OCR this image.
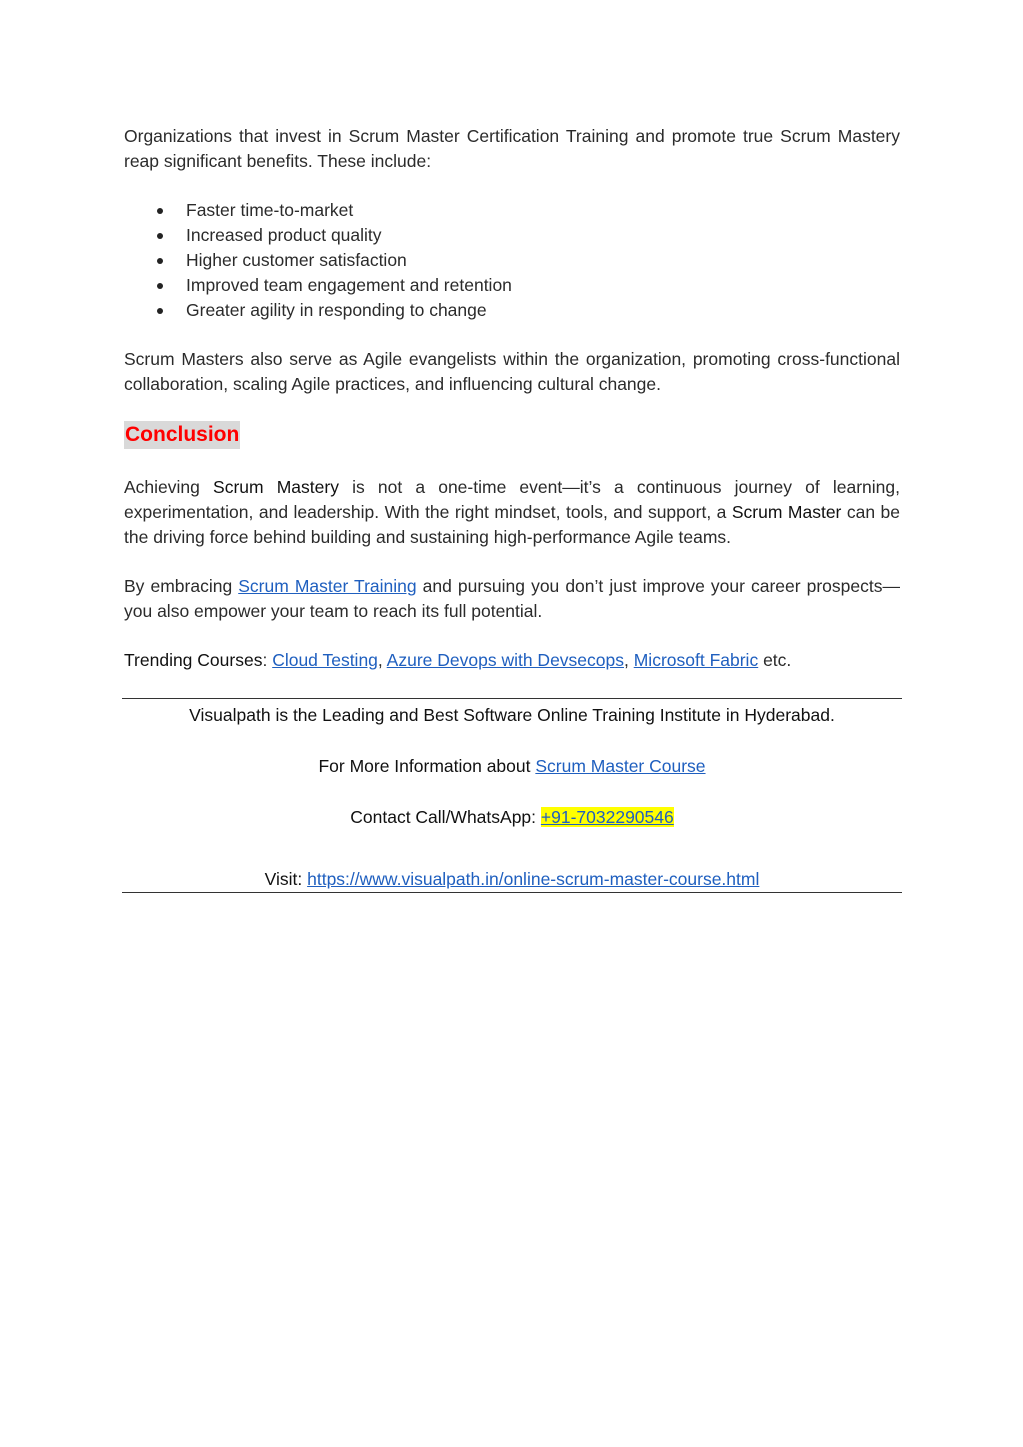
Organizations that invest in Scrum Master Certification Training and promote true Scrum Mastery reap significant benefits. These include:

Faster time-to-market
Increased product quality
Higher customer satisfaction
Improved team engagement and retention
Greater agility in responding to change

Scrum Masters also serve as Agile evangelists within the organization, promoting cross-functional collaboration, scaling Agile practices, and influencing cultural change.

Conclusion

Achieving Scrum Mastery is not a one-time event—it’s a continuous journey of learning, experimentation, and leadership. With the right mindset, tools, and support, a Scrum Master can be the driving force behind building and sustaining high-performance Agile teams.

By embracing Scrum Master Training and pursuing you don’t just improve your career prospects—you also empower your team to reach its full potential.

Trending Courses: Cloud Testing, Azure Devops with Devsecops, Microsoft Fabric etc.

Visualpath is the Leading and Best Software Online Training Institute in Hyderabad.
For More Information about Scrum Master Course
Contact Call/WhatsApp: +91-7032290546
Visit: https://www.visualpath.in/online-scrum-master-course.html
